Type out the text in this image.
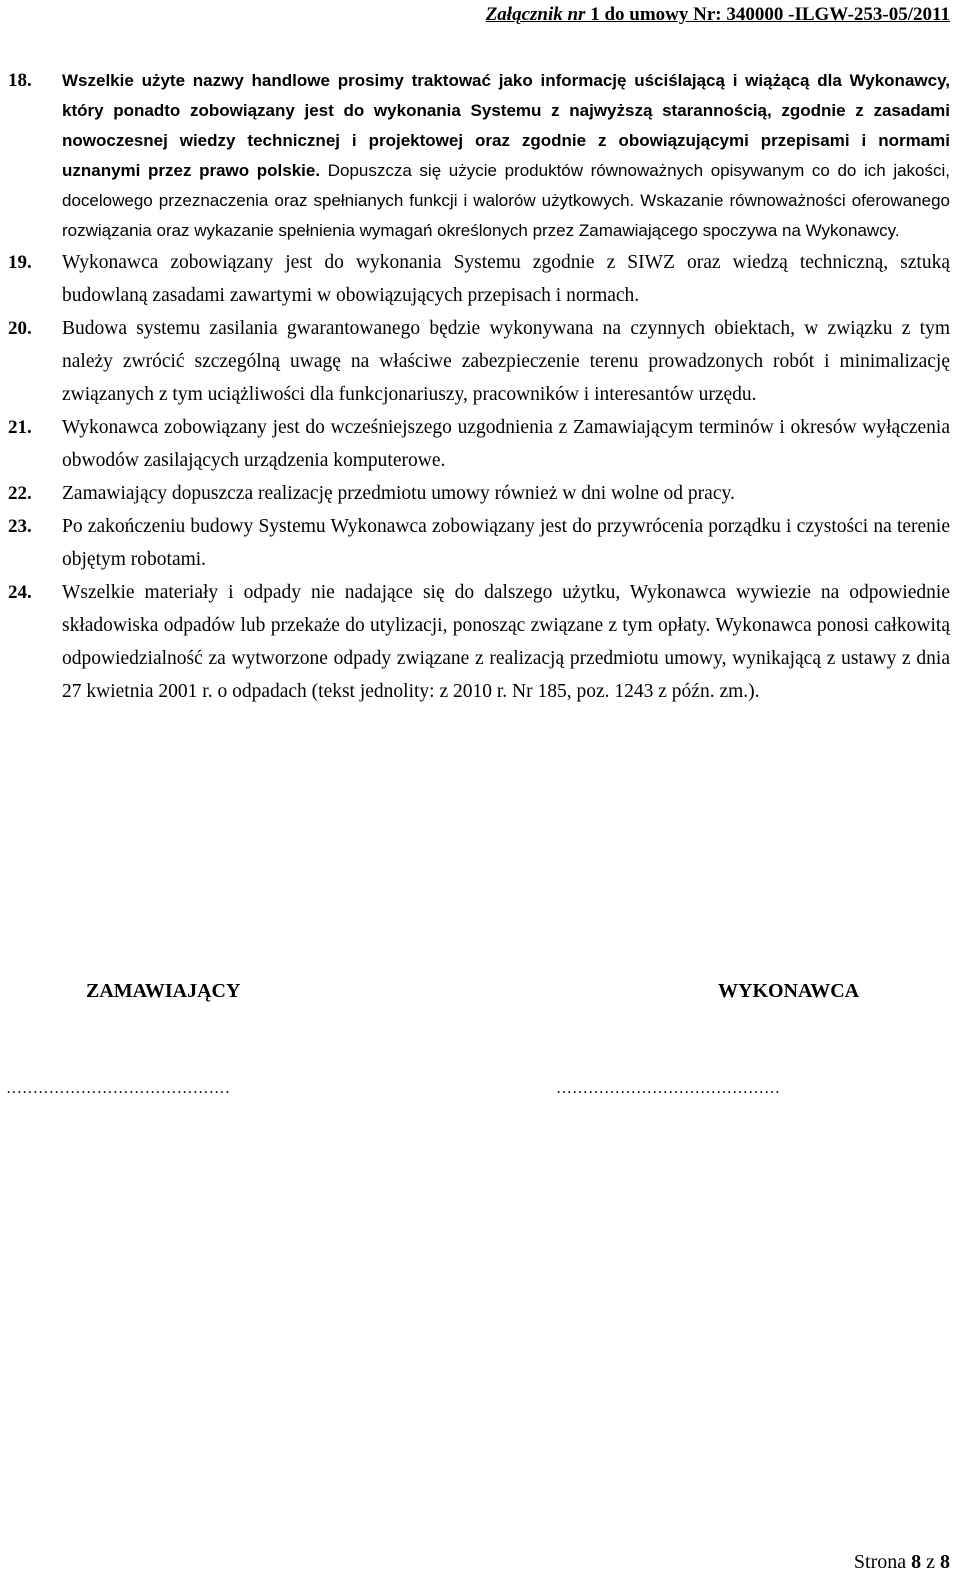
Załącznik nr 1 do umowy Nr: 340000 -ILGW-253-05/2011
18.	Wszelkie użyte nazwy handlowe prosimy traktować jako informację uściślającą i wiążącą dla Wykonawcy, który ponadto zobowiązany jest do wykonania Systemu z najwyższą starannością, zgodnie z zasadami nowoczesnej wiedzy technicznej i projektowej oraz zgodnie z obowiązującymi przepisami i normami uznanymi przez prawo polskie. Dopuszcza się użycie produktów równoważnych opisywanym co do ich jakości, docelowego przeznaczenia oraz spełnianych funkcji i walorów użytkowych. Wskazanie równoważności oferowanego rozwiązania oraz wykazanie spełnienia wymagań określonych przez Zamawiającego spoczywa na Wykonawcy.
19.	Wykonawca zobowiązany jest do wykonania Systemu zgodnie z SIWZ oraz wiedzą techniczną, sztuką budowlaną zasadami zawartymi w obowiązujących przepisach i normach.
20.	Budowa systemu zasilania gwarantowanego będzie wykonywana na czynnych obiektach, w związku z tym należy zwrócić szczególną uwagę na właściwe zabezpieczenie terenu prowadzonych robót i minimalizację związanych z tym uciążliwości dla funkcjonariuszy, pracowników i interesantów urzędu.
21.	Wykonawca zobowiązany jest do wcześniejszego uzgodnienia z Zamawiającym terminów i okresów wyłączenia obwodów zasilających urządzenia komputerowe.
22.	Zamawiający dopuszcza realizację przedmiotu umowy również w dni wolne od pracy.
23.	Po zakończeniu budowy Systemu Wykonawca zobowiązany jest do przywrócenia porządku i czystości na terenie objętym robotami.
24.	Wszelkie materiały i odpady nie nadające się do dalszego użytku, Wykonawca wywiezie na odpowiednie składowiska odpadów lub przekaże do utylizacji, ponosząc związane z tym opłaty. Wykonawca ponosi całkowitą odpowiedzialność za wytworzone odpady związane z realizacją przedmiotu umowy, wynikającą z ustawy z dnia 27 kwietnia 2001 r. o odpadach (tekst jednolity: z 2010 r. Nr 185, poz. 1243 z późn. zm.).
ZAMAWIAJĄCY	WYKONAWCA
……………………………………	……………………………………
Strona 8 z 8
